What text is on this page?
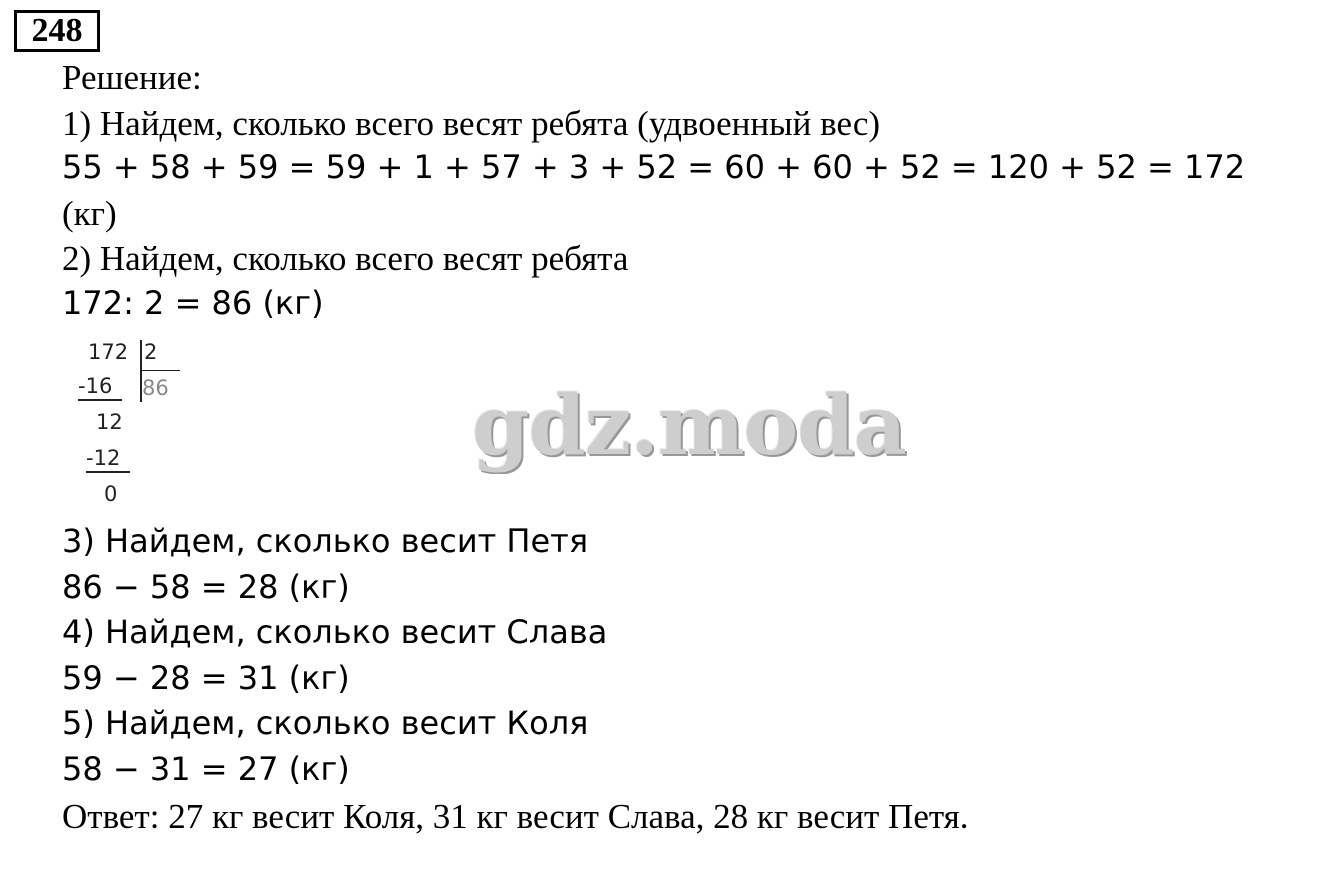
248
Решение:
1) Найдем, сколько всего весят ребята (удвоенный вес)
55 + 58 + 59 = 59 + 1 + 57 + 3 + 52 = 60 + 60 + 52 = 120 + 52 = 172
(кг)
2) Найдем, сколько всего весят ребята
172: 2 = 86 (кг)
172 2
-16 86
12
-12
0
3) Найдем, сколько весит Петя
86 − 58 = 28 (кг)
4) Найдем, сколько весит Слава
59 − 28 = 31 (кг)
5) Найдем, сколько весит Коля
58 − 31 = 27 (кг)
Ответ: 27 кг весит Коля, 31 кг весит Слава, 28 кг весит Петя.
gdz.moda
